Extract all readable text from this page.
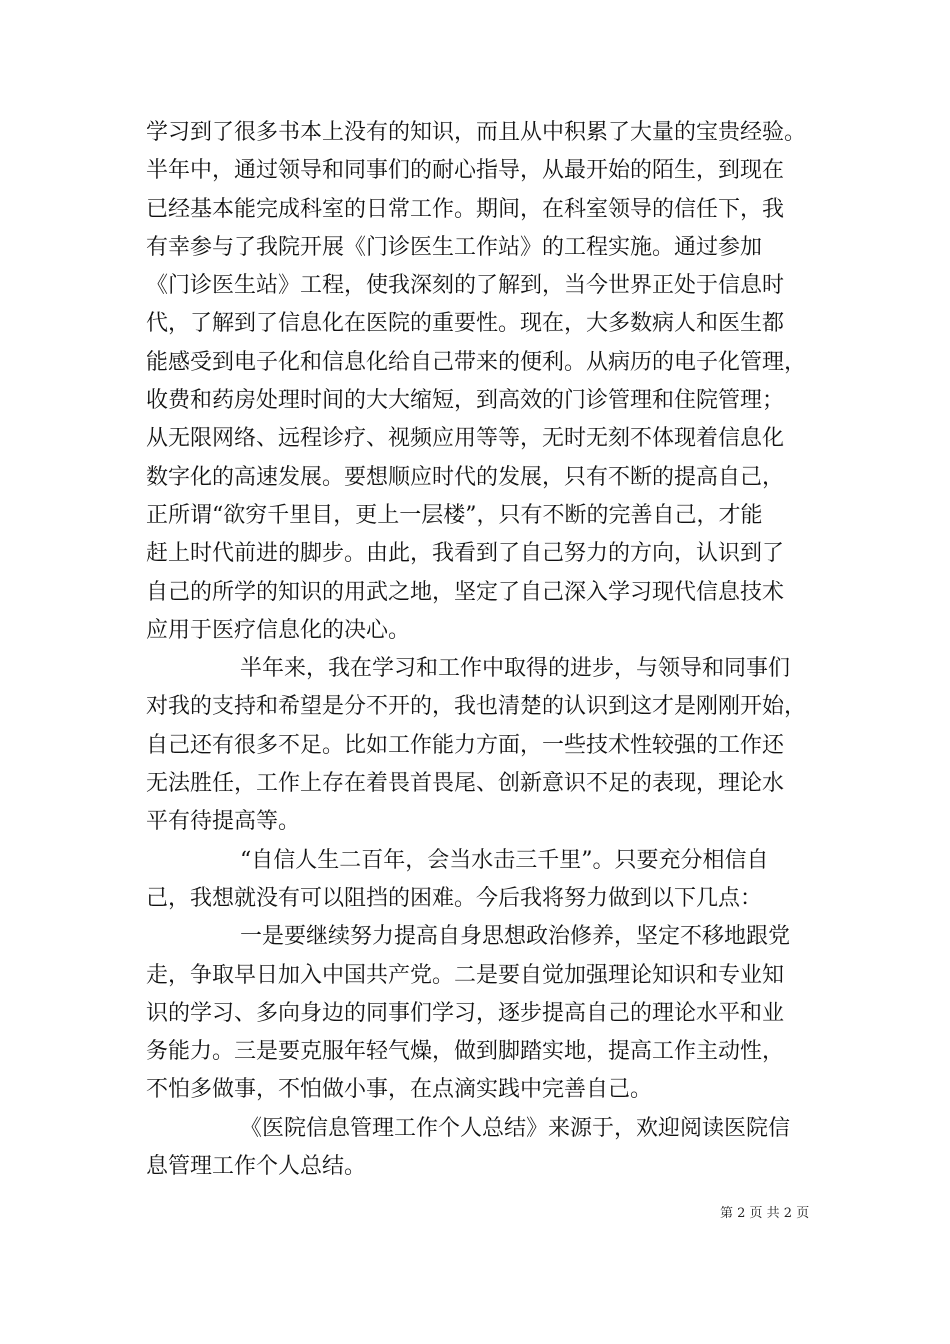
学习到了很多书本上没有的知识，而且从中积累了大量的宝贵经验。
半年中，通过领导和同事们的耐心指导，从最开始的陌生，到现在
已经基本能完成科室的日常工作。期间，在科室领导的信任下，我
有幸参与了我院开展《门诊医生工作站》的工程实施。通过参加
《门诊医生站》工程，使我深刻的了解到，当今世界正处于信息时
代，了解到了信息化在医院的重要性。现在，大多数病人和医生都
能感受到电子化和信息化给自己带来的便利。从病历的电子化管理，
收费和药房处理时间的大大缩短，到高效的门诊管理和住院管理；
从无限网络、远程诊疗、视频应用等等，无时无刻不体现着信息化
数字化的高速发展。要想顺应时代的发展，只有不断的提高自己，
正所谓“欲穷千里目，更上一层楼”，只有不断的完善自己，才能
赶上时代前进的脚步。由此，我看到了自己努力的方向，认识到了
自己的所学的知识的用武之地，坚定了自己深入学习现代信息技术
应用于医疗信息化的决心。
半年来，我在学习和工作中取得的进步，与领导和同事们
对我的支持和希望是分不开的，我也清楚的认识到这才是刚刚开始，
自己还有很多不足。比如工作能力方面，一些技术性较强的工作还
无法胜任，工作上存在着畏首畏尾、创新意识不足的表现，理论水
平有待提高等。
“自信人生二百年，会当水击三千里”。只要充分相信自
己，我想就没有可以阻挡的困难。今后我将努力做到以下几点：
一是要继续努力提高自身思想政治修养，坚定不移地跟党
走，争取早日加入中国共产党。二是要自觉加强理论知识和专业知
识的学习、多向身边的同事们学习，逐步提高自己的理论水平和业
务能力。三是要克服年轻气燥，做到脚踏实地，提高工作主动性，
不怕多做事，不怕做小事，在点滴实践中完善自己。
《医院信息管理工作个人总结》来源于，欢迎阅读医院信
息管理工作个人总结。
第 2 页 共 2 页
